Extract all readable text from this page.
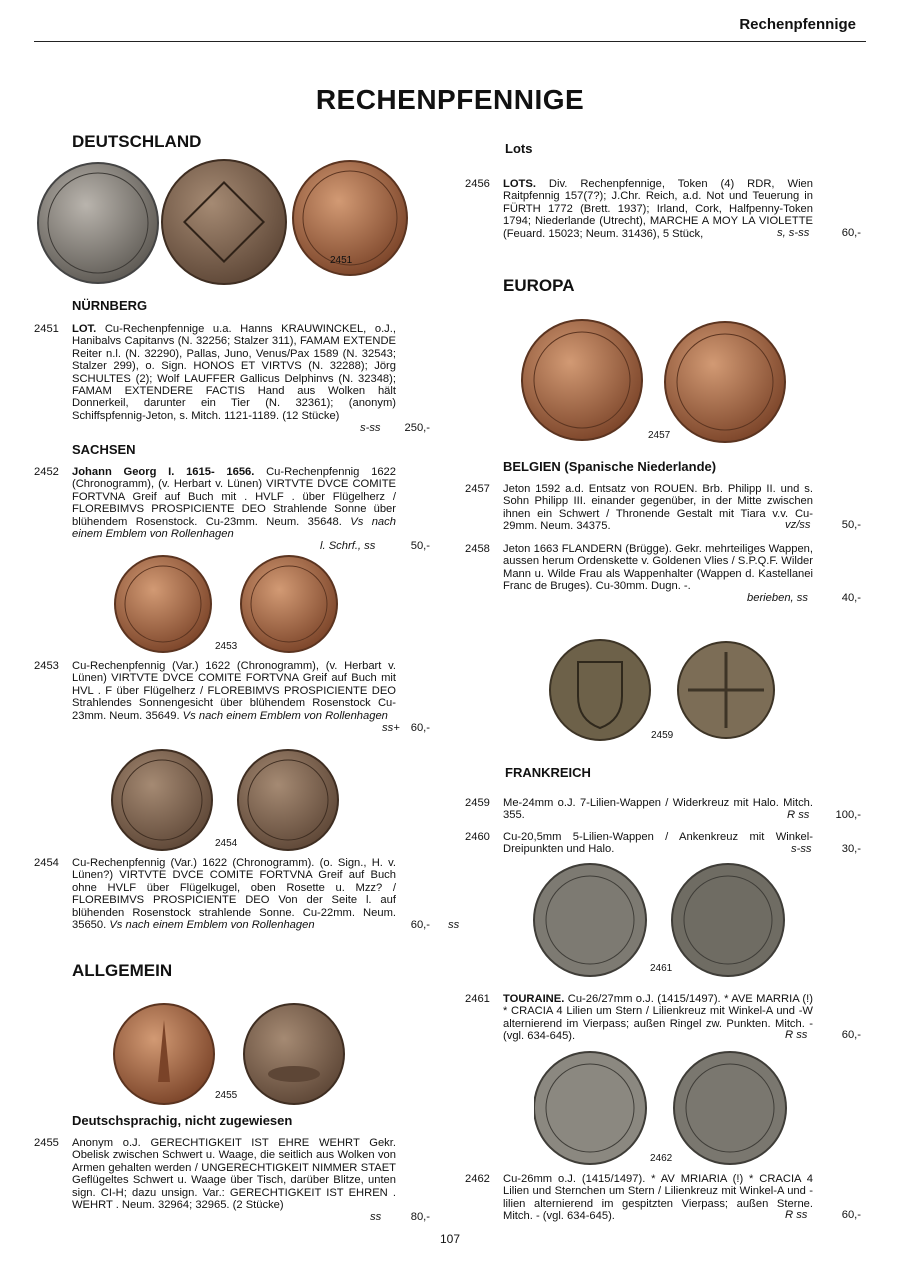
Rechenpfennige
RECHENPFENNIGE
DEUTSCHLAND
2451
NÜRNBERG
2451 LOT. Cu-Rechenpfennige u.a. Hanns KRAUWINCKEL, o.J., Hanibalvs Capitanvs (N. 32256; Stalzer 311), FAMAM EXTENDE Reiter n.l. (N. 32290), Pallas, Juno, Venus/Pax 1589 (N. 32543; Stalzer 299), o. Sign. HONOS ET VIRTVS (N. 32288); Jörg SCHULTES (2); Wolf LAUFFER Gallicus Delphinvs (N. 32348); FAMAM EXTENDERE FACTIS Hand aus Wolken hält Donnerkeil, darunter ein Tier (N. 32361); (anonym) Schiffspfennig-Jeton, s. Mitch. 1121-1189. (12 Stücke)
s-ss 250,-
SACHSEN
2452 Johann Georg I. 1615- 1656. Cu-Rechenpfennig 1622 (Chronogramm), (v. Herbart v. Lünen) VIRTVTE DVCE COMITE FORTVNA Greif auf Buch mit . HVLF . über Flügelherz / FLOREBIMVS PROSPICIENTE DEO Strahlende Sonne über blühendem Rosenstock. Cu-23mm. Neum. 35648. Vs nach einem Emblem von Rollenhagen
l. Schrf., ss	50,-
2453
2453 Cu-Rechenpfennig (Var.) 1622 (Chronogramm), (v. Herbart v. Lünen) VIRTVTE DVCE COMITE FORTVNA Greif auf Buch mit HVL . F über Flügelherz / FLOREBIMVS PROSPICIENTE DEO Strahlendes Sonnengesicht über blühendem Rosenstock Cu-23mm. Neum. 35649. Vs nach einem Emblem von Rollenhagen
ss+ 60,-
2454
2454 Cu-Rechenpfennig (Var.) 1622 (Chronogramm). (o. Sign., H. v. Lünen?) VIRTVTE DVCE COMITE FORTVNA Greif auf Buch ohne HVLF über Flügelkugel, oben Rosette u. Mzz? / FLOREBIMVS PROSPICIENTE DEO Von der Seite l. auf blühenden Rosenstock strahlende Sonne. Cu-22mm. Neum. 35650. Vs nach einem Emblem von Rollenhagen	ss
60,-
ALLGEMEIN
2455
Deutschsprachig, nicht zugewiesen
2455 Anonym o.J. GERECHTIGKEIT IST EHRE WEHRT Gekr. Obelisk zwischen Schwert u. Waage, die seitlich aus Wolken von Armen gehalten werden / UNGERECHTIGKEIT NIMMER STAET Geflügeltes Schwert u. Waage über Tisch, darüber Blitze, unten sign. CI-H; dazu unsign. Var.: GERECHTIGKEIT IST EHREN . WEHRT . Neum. 32964; 32965. (2 Stücke)
ss	80,-
Lots
2456 LOTS. Div. Rechenpfennige, Token (4) RDR, Wien Raitpfennig 157(7?); J.Chr. Reich, a.d. Not und Teuerung in FÜRTH 1772 (Brett. 1937); Irland, Cork, Halfpenny-Token 1794; Niederlande (Utrecht), MARCHE A MOY LA VIOLETTE (Feuard. 15023; Neum. 31436), 5 Stück,	s, s-ss	60,-
EUROPA
2457
BELGIEN (Spanische Niederlande)
2457 Jeton 1592 a.d. Entsatz von ROUEN. Brb. Philipp II. und s. Sohn Philipp III. einander gegenüber, in der Mitte zwischen ihnen ein Schwert / Thronende Gestalt mit Tiara v.v. Cu-29mm. Neum. 34375.	vz/ss	50,-
2458 Jeton 1663 FLANDERN (Brügge). Gekr. mehrteiliges Wappen, aussen herum Ordenskette v. Goldenen Vlies / S.P.Q.F. Wilder Mann u. Wilde Frau als Wappenhalter (Wappen d. Kastellanei Franc de Bruges). Cu-30mm. Dugn. -.
berieben, ss	40,-
2459
FRANKREICH
2459 Me-24mm o.J. 7-Lilien-Wappen / Widerkreuz mit Halo. Mitch. 355.	R ss 100,-
2460 Cu-20,5mm 5-Lilien-Wappen / Ankenkreuz mit Winkel-Dreipunkten und Halo.	s-ss	30,-
2461
2461 TOURAINE. Cu-26/27mm o.J. (1415/1497). * AVE MARRIA (!) * CRACIA 4 Lilien um Stern / Lilienkreuz mit Winkel-A und -W alternierend im Vierpass; außen Ringel zw. Punkten. Mitch. - (vgl. 634-645).	R ss	60,-
2462
2462 Cu-26mm o.J. (1415/1497). * AV MRIARIA (!) * CRACIA 4 Lilien und Sternchen um Stern / Lilienkreuz mit Winkel-A und -lilien alternierend im gespitzten Vierpass; außen Sterne. Mitch. - (vgl. 634-645).	R ss	60,-
107
